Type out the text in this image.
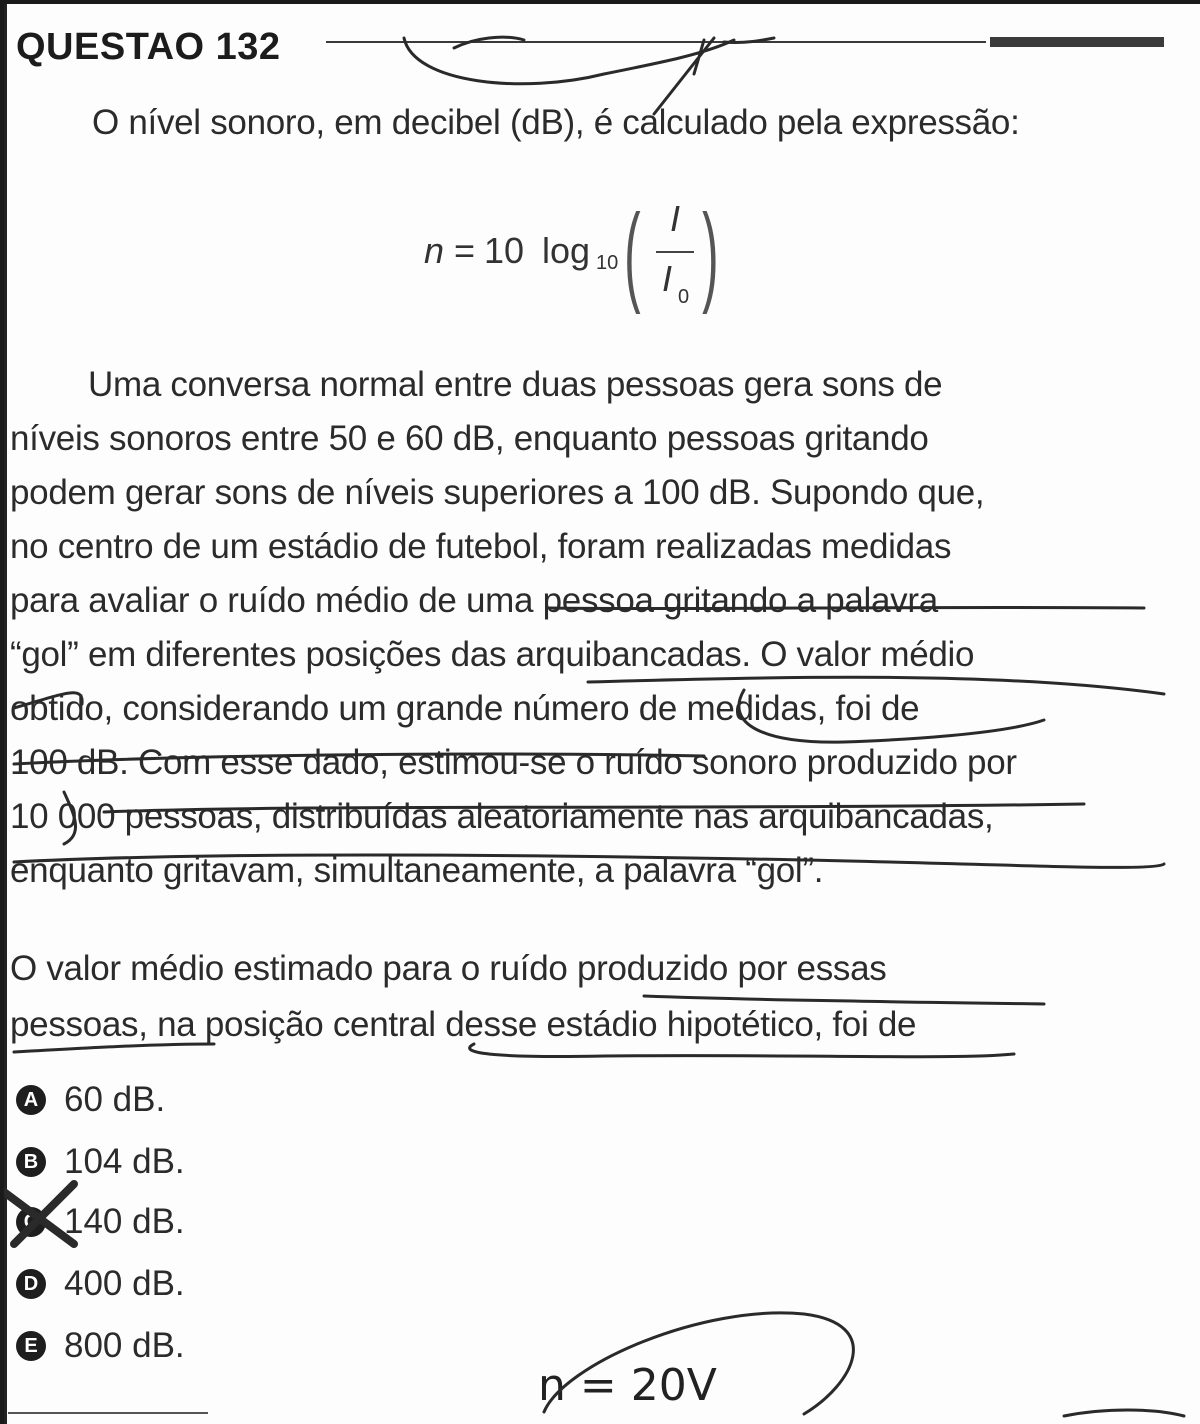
QUESTAO 132
O nível sonoro, em decibel (dB), é calculado pela expressão:
n = 10 log 10 ( I
I 0 )
Uma conversa normal entre duas pessoas gera sons de
níveis sonoros entre 50 e 60 dB, enquanto pessoas gritando
podem gerar sons de níveis superiores a 100 dB. Supondo que,
no centro de um estádio de futebol, foram realizadas medidas
para avaliar o ruído médio de uma pessoa gritando a palavra
“gol” em diferentes posições das arquibancadas. O valor médio
obtido, considerando um grande número de medidas, foi de
100 dB. Com esse dado, estimou-se o ruído sonoro produzido por
10 000 pessoas, distribuídas aleatoriamente nas arquibancadas,
enquanto gritavam, simultaneamente, a palavra “gol”.
O valor médio estimado para o ruído produzido por essas
pessoas, na posição central desse estádio hipotético, foi de
A 60 dB.
B 104 dB.
C 140 dB.
D 400 dB.
E 800 dB.
n = 20V
